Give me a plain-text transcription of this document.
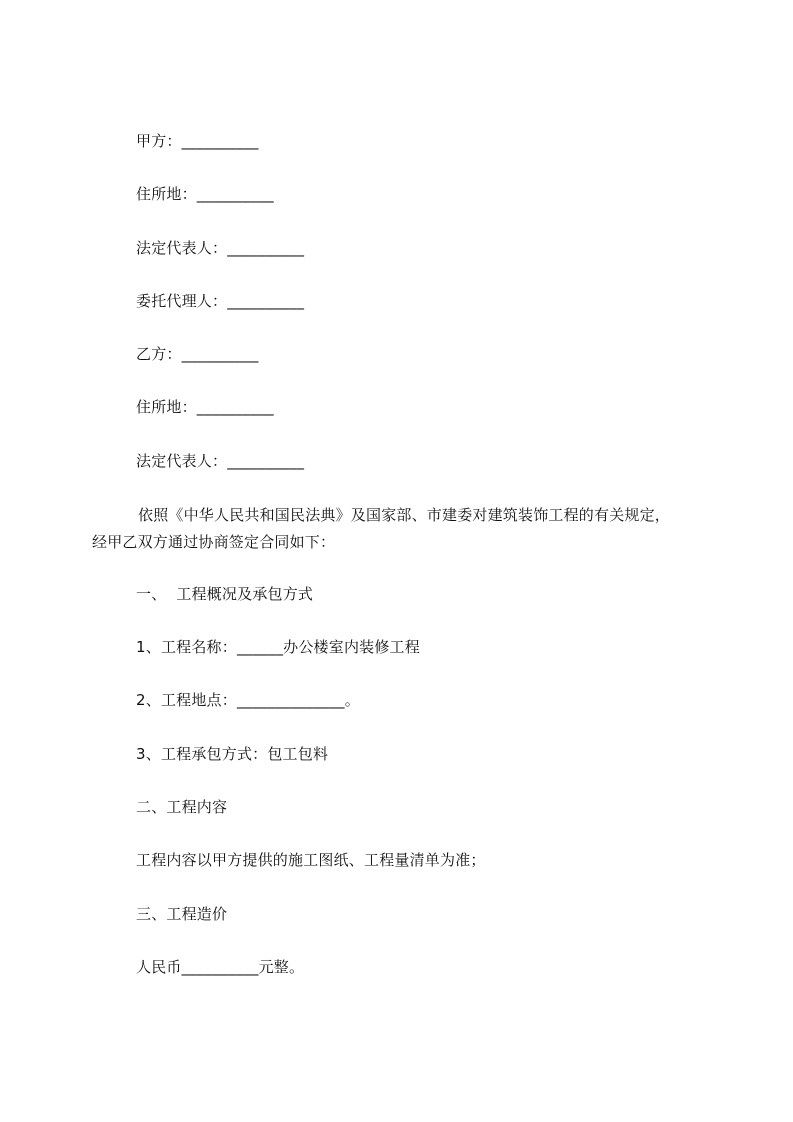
甲方：__________
住所地：__________
法定代表人：__________
委托代理人：__________
乙方：__________
住所地：__________
法定代表人：__________
依照《中华人民共和国民法典》及国家部、市建委对建筑装饰工程的有关规定，
经甲乙双方通过协商签定合同如下：
一、  工程概况及承包方式
1、工程名称：______办公楼室内装修工程
2、工程地点：______________。
3、工程承包方式：包工包料
二、工程内容
工程内容以甲方提供的施工图纸、工程量清单为准；
三、工程造价
人民币__________元整。
